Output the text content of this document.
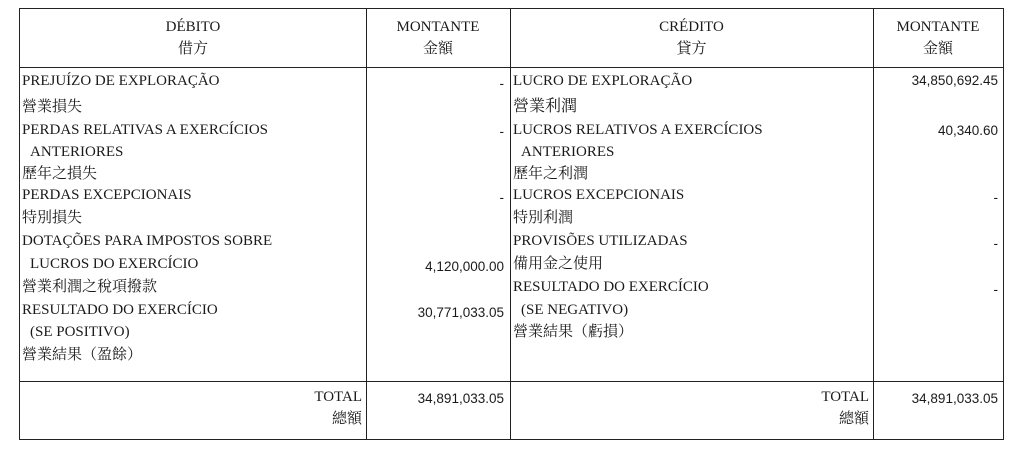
DÉBITO
借方
MONTANTE
金額
CRÉDITO
貸方
MONTANTE
金額
PREJUÍZO DE EXPLORAÇÃO
營業損失
PERDAS RELATIVAS A EXERCÍCIOS
ANTERIORES
歷年之損失
PERDAS EXCEPCIONAIS
特別損失
DOTAÇÕES PARA IMPOSTOS SOBRE
LUCROS DO EXERCÍCIO
營業利潤之稅項撥款
RESULTADO DO EXERCÍCIO
(SE POSITIVO)
營業結果（盈餘）
-
-
-
4,120,000.00
30,771,033.05
LUCRO DE EXPLORAÇÃO
營業利潤
LUCROS RELATIVOS A EXERCÍCIOS
ANTERIORES
歷年之利潤
LUCROS EXCEPCIONAIS
特別利潤
PROVISÕES UTILIZADAS
備用金之使用
RESULTADO DO EXERCÍCIO
(SE NEGATIVO)
營業結果（虧損）
34,850,692.45
40,340.60
-
-
-
TOTAL
總額
34,891,033.05	TOTAL
總額
34,891,033.05
